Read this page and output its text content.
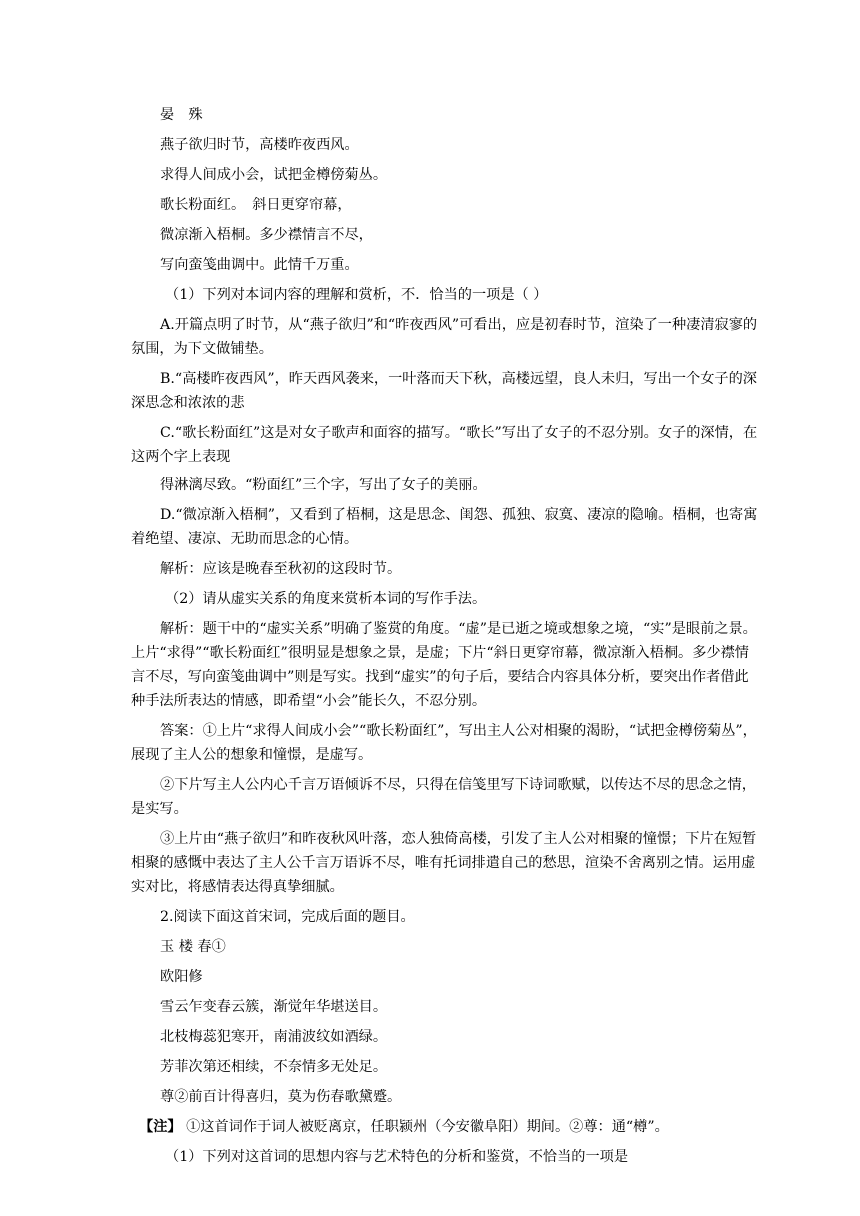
晏　殊

燕子欲归时节，高楼昨夜西风。

求得人间成小会，试把金樽傍菊丛。

歌长粉面红。　斜日更穿帘幕，

微凉渐入梧桐。多少襟情言不尽，

写向蛮笺曲调中。此情千万重。

（1）下列对本词内容的理解和赏析，不．恰当的一项是（ ）

A.开篇点明了时节，从“燕子欲归”和“昨夜西风”可看出，应是初春时节，渲染了一种凄清寂寥的氛围，为下文做铺垫。

B.“高楼昨夜西风”，昨天西风袭来，一叶落而天下秋，高楼远望，良人未归，写出一个女子的深深思念和浓浓的悲

C.“歌长粉面红”这是对女子歌声和面容的描写。“歌长”写出了女子的不忍分别。女子的深情，在这两个字上表现

得淋漓尽致。“粉面红”三个字，写出了女子的美丽。

D.“微凉渐入梧桐”，又看到了梧桐，这是思念、闺怨、孤独、寂寞、凄凉的隐喻。梧桐，也寄寓着绝望、凄凉、无助而思念的心情。

解析：应该是晚春至秋初的这段时节。

（2）请从虚实关系的角度来赏析本词的写作手法。

解析：题干中的“虚实关系”明确了鉴赏的角度。“虚”是已逝之境或想象之境，“实”是眼前之景。上片“求得”“歌长粉面红”很明显是想象之景，是虚；下片“斜日更穿帘幕，微凉渐入梧桐。多少襟情言不尽，写向蛮笺曲调中”则是写实。找到“虚实”的句子后，要结合内容具体分析，要突出作者借此种手法所表达的情感，即希望“小会”能长久，不忍分别。

答案：①上片“求得人间成小会”“歌长粉面红”，写出主人公对相聚的渴盼，“试把金樽傍菊丛”，展现了主人公的想象和憧憬，是虚写。

②下片写主人公内心千言万语倾诉不尽，只得在信笺里写下诗词歌赋，以传达不尽的思念之情，　是实写。

③上片由“燕子欲归”和昨夜秋风叶落，恋人独倚高楼，引发了主人公对相聚的憧憬；下片在短暂相聚的感慨中表达了主人公千言万语诉不尽，唯有托词排遣自己的愁思，渲染不舍离别之情。运用虚实对比，将感情表达得真挚细腻。

2.阅读下面这首宋词，完成后面的题目。

玉 楼 春①

欧阳修

雪云乍变春云簇，渐觉年华堪送目。

北枝梅蕊犯寒开，南浦波纹如酒绿。

芳菲次第还相续，不奈情多无处足。

尊②前百计得喜归，莫为伤春歌黛蹙。

【注】 ①这首词作于词人被贬离京，任职颍州（今安徽阜阳）期间。②尊：通“樽”。

（1）下列对这首词的思想内容与艺术特色的分析和鉴赏，不恰当的一项是
